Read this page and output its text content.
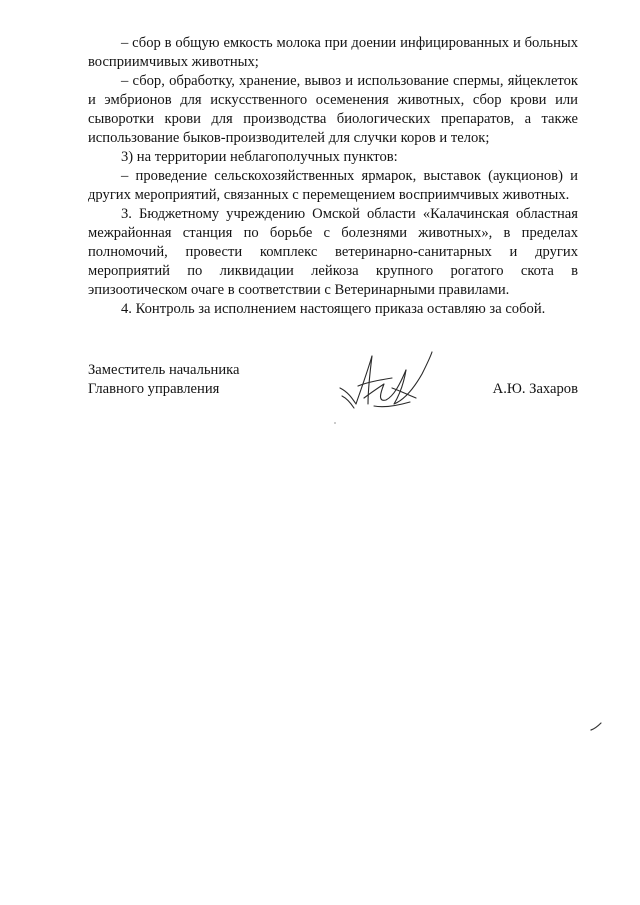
– сбор в общую емкость молока при доении инфицированных и больных восприимчивых животных;

– сбор, обработку, хранение, вывоз и использование спермы, яйцеклеток и эмбрионов для искусственного осеменения животных, сбор крови или сыворотки крови для производства биологических препаратов, а также использование быков-производителей для случки коров и телок;

3) на территории неблагополучных пунктов:

– проведение сельскохозяйственных ярмарок, выставок (аукционов) и других мероприятий, связанных с перемещением восприимчивых животных.

3. Бюджетному учреждению Омской области «Калачинская областная межрайонная станция по борьбе с болезнями животных», в пределах полномочий, провести комплекс ветеринарно-санитарных и других мероприятий по ликвидации лейкоза крупного рогатого скота в эпизоотическом очаге в соответствии с Ветеринарными правилами.

4. Контроль за исполнением настоящего приказа оставляю за собой.

Заместитель начальника
Главного управления	А.Ю. Захаров
